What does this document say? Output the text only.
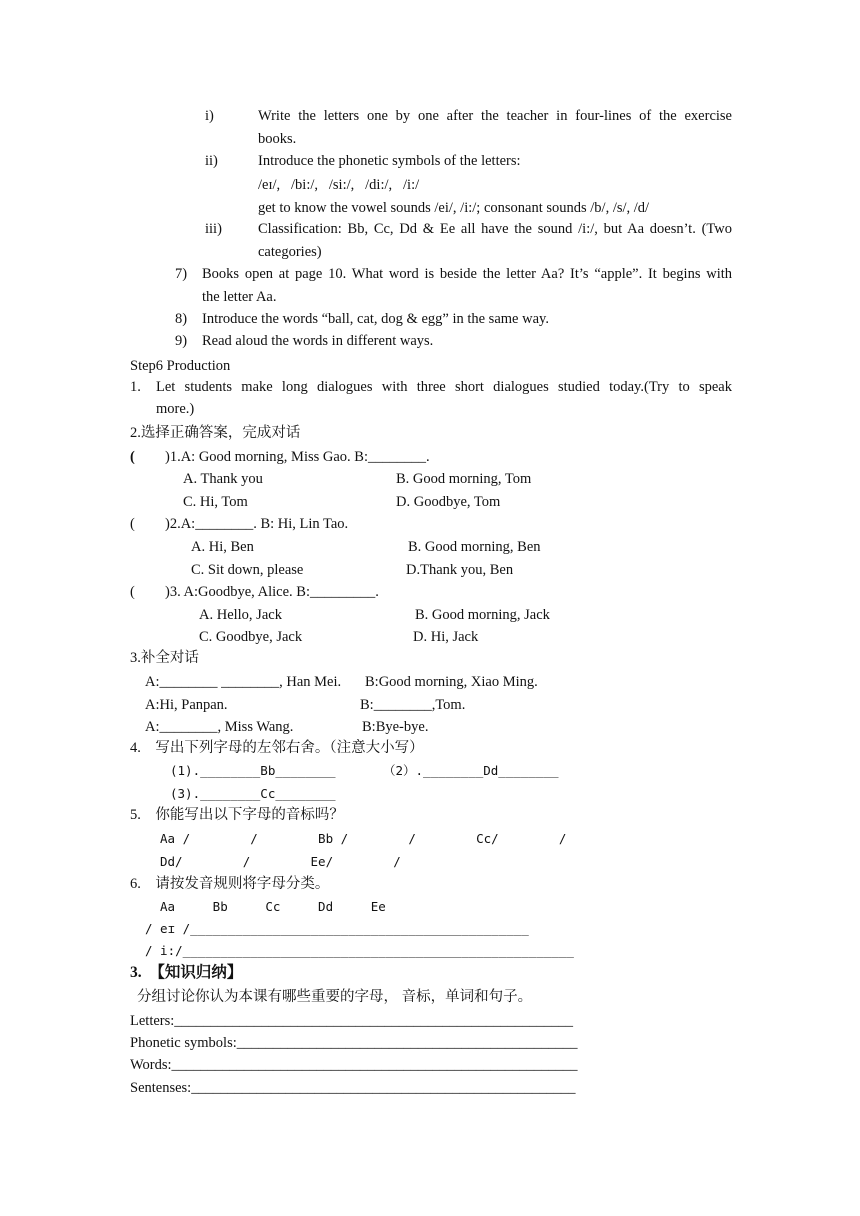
i)	Write the letters one by one after the teacher in four-lines of the exercise
books.
ii)	Introduce the phonetic symbols of the letters:
/eɪ/,   /bi:/,   /si:/,   /di:/,   /i:/
get to know the vowel sounds /ei/, /i:/; consonant sounds /b/, /s/, /d/
iii) Classification: Bb, Cc, Dd & Ee all have the sound /i:/, but Aa doesn’t. (Two
categories)
7) Books open at page 10. What word is beside the letter Aa? It’s “apple”. It begins with
the letter Aa.
8) Introduce the words “ball, cat, dog & egg” in the same way.
9) Read aloud the words in different ways.
Step6 Production
1. Let students make long dialogues with three short dialogues studied today.(Try to speak
more.)
2.选择正确答案，完成对话
( )1.A: Good morning, Miss Gao. B:________.
A. Thank you	B. Good morning, Tom
C. Hi, Tom	D. Goodbye, Tom
( )2.A:________. B: Hi, Lin Tao.
A. Hi, Ben	B. Good morning, Ben
C. Sit down, please	D.Thank you, Ben
( )3. A:Goodbye, Alice. B:_________.
A. Hello, Jack	B. Good morning, Jack
C. Goodbye, Jack	D. Hi, Jack
3.补全对话
A:________ ________, Han Mei. B:Good morning, Xiao Ming.
A:Hi, Panpan.	B:________,Tom.
A:________, Miss Wang.	B:Bye-bye.
4.　写出下列字母的左邻右舍。（注意大小写）
(1).________Bb________	（2）.________Dd________
(3).________Cc________
5.　你能写出以下字母的音标吗？
Aa /        /        Bb /        /        Cc/        /
Dd/        /        Ee/        /
6.　请按发音规则将字母分类。
Aa     Bb     Cc     Dd     Ee
/ eɪ /_____________________________________________
/ i:/____________________________________________________
3.　【知识归纳】
分组讨论你认为本课有哪些重要的字母， 音标，单词和句子。
Letters:_______________________________________________________
Phonetic symbols:_______________________________________________
Words:________________________________________________________
Sentenses:_____________________________________________________
